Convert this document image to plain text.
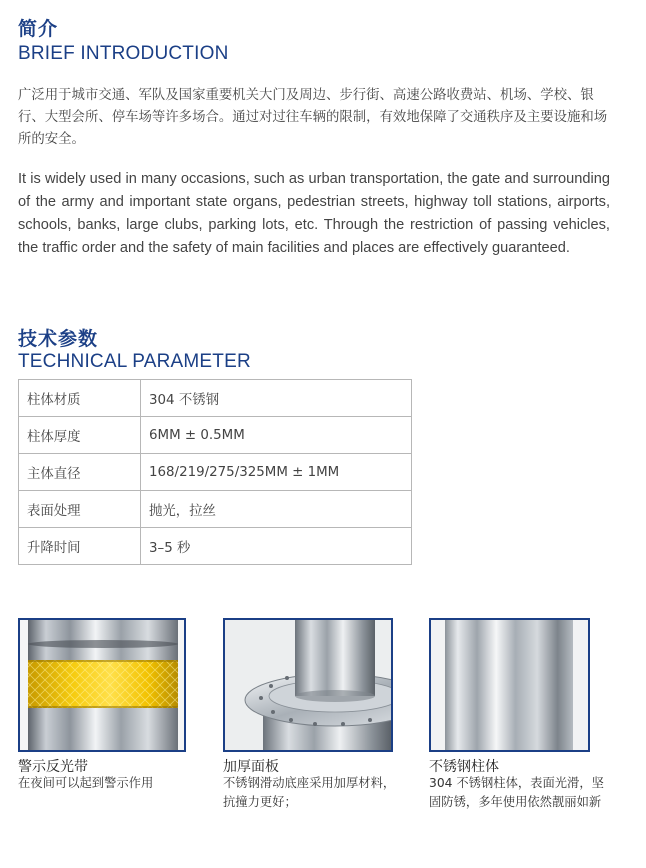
简介
BRIEF INTRODUCTION

广泛用于城市交通、军队及国家重要机关大门及周边、步行街、高速公路收费站、机场、学校、银行、大型会所、停车场等许多场合。通过对过往车辆的限制，有效地保障了交通秩序及主要设施和场所的安全。

It is widely used in many occasions, such as urban transportation, the gate and surrounding of the army and important state organs, pedestrian streets, highway toll stations, airports, schools, banks, large clubs, parking lots, etc. Through the restriction of passing vehicles, the traffic order and the safety of main facilities and places are effectively guaranteed.

技术参数
TECHNICAL PARAMETER
柱体材质	304 不锈钢
柱体厚度	6MM ± 0.5MM
主体直径	168/219/275/325MM ± 1MM
表面处理	抛光，拉丝
升降时间	3–5 秒
警示反光带
在夜间可以起到警示作用
加厚面板
不锈钢滑动底座采用加厚材料，
抗撞力更好；
不锈钢柱体
304 不锈钢柱体，表面光滑，坚
固防锈，多年使用依然靓丽如新
